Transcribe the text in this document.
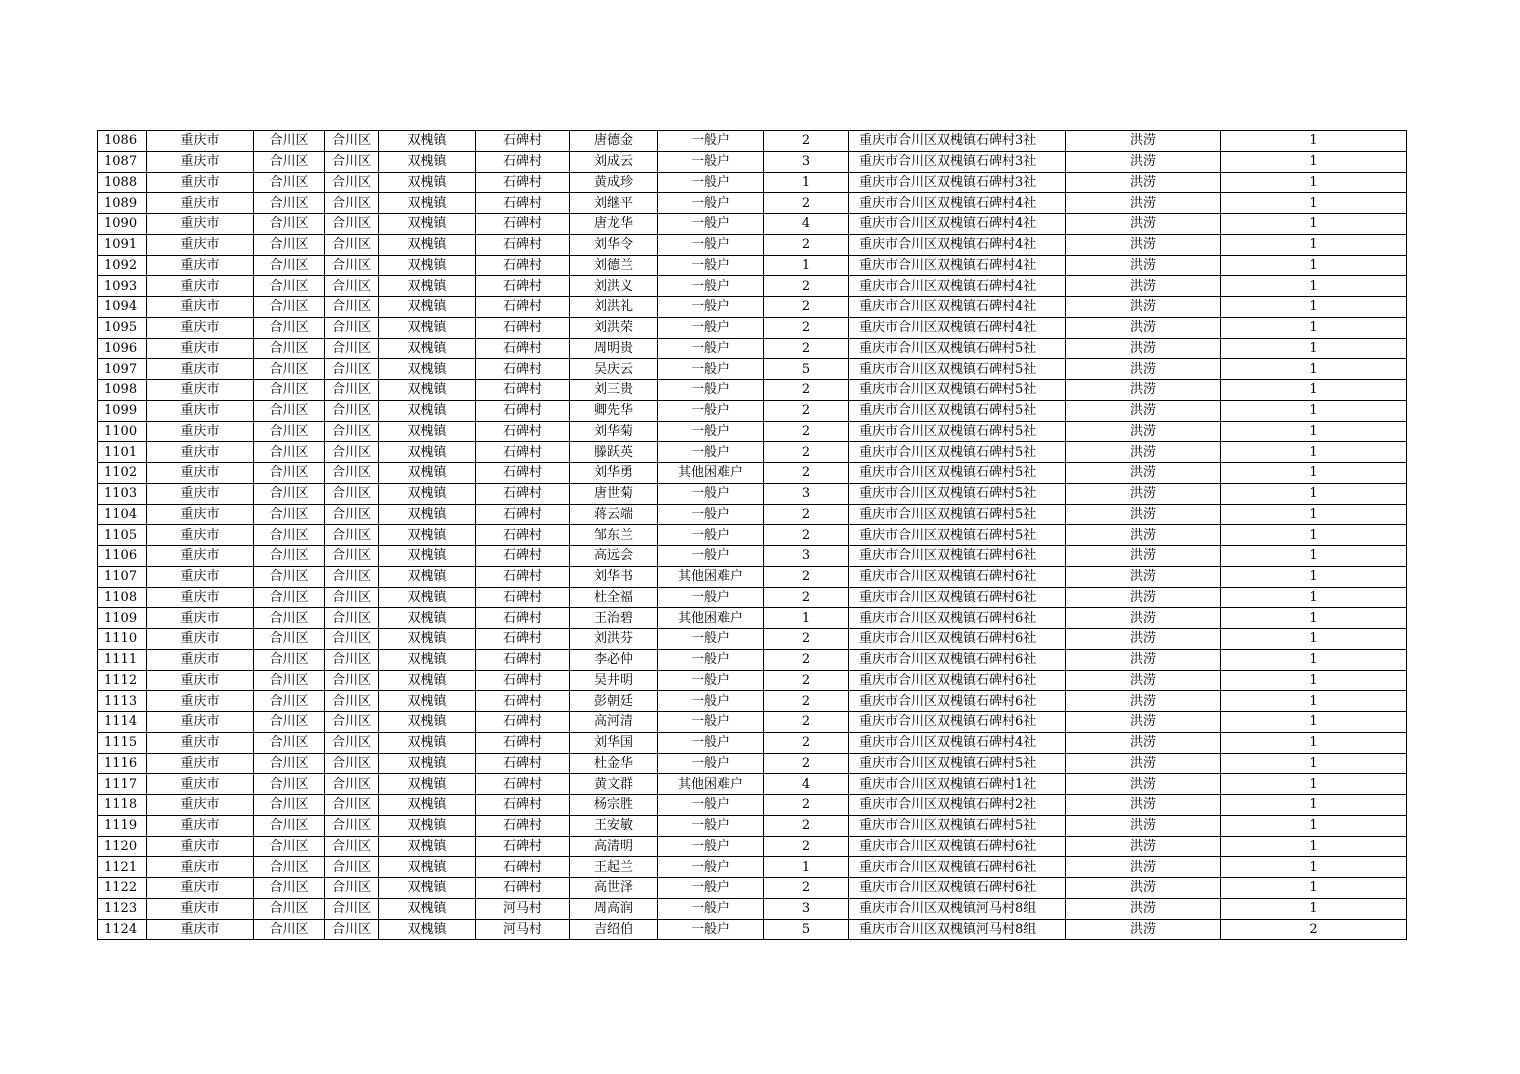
1086	重庆市	合川区	合川区	双槐镇	石碑村	唐德金	一般户	2	重庆市合川区双槐镇石碑村3社	洪涝	1
1087	重庆市	合川区	合川区	双槐镇	石碑村	刘成云	一般户	3	重庆市合川区双槐镇石碑村3社	洪涝	1
1088	重庆市	合川区	合川区	双槐镇	石碑村	黄成珍	一般户	1	重庆市合川区双槐镇石碑村3社	洪涝	1
1089	重庆市	合川区	合川区	双槐镇	石碑村	刘继平	一般户	2	重庆市合川区双槐镇石碑村4社	洪涝	1
1090	重庆市	合川区	合川区	双槐镇	石碑村	唐龙华	一般户	4	重庆市合川区双槐镇石碑村4社	洪涝	1
1091	重庆市	合川区	合川区	双槐镇	石碑村	刘华令	一般户	2	重庆市合川区双槐镇石碑村4社	洪涝	1
1092	重庆市	合川区	合川区	双槐镇	石碑村	刘德兰	一般户	1	重庆市合川区双槐镇石碑村4社	洪涝	1
1093	重庆市	合川区	合川区	双槐镇	石碑村	刘洪义	一般户	2	重庆市合川区双槐镇石碑村4社	洪涝	1
1094	重庆市	合川区	合川区	双槐镇	石碑村	刘洪礼	一般户	2	重庆市合川区双槐镇石碑村4社	洪涝	1
1095	重庆市	合川区	合川区	双槐镇	石碑村	刘洪荣	一般户	2	重庆市合川区双槐镇石碑村4社	洪涝	1
1096	重庆市	合川区	合川区	双槐镇	石碑村	周明贵	一般户	2	重庆市合川区双槐镇石碑村5社	洪涝	1
1097	重庆市	合川区	合川区	双槐镇	石碑村	吴庆云	一般户	5	重庆市合川区双槐镇石碑村5社	洪涝	1
1098	重庆市	合川区	合川区	双槐镇	石碑村	刘三贵	一般户	2	重庆市合川区双槐镇石碑村5社	洪涝	1
1099	重庆市	合川区	合川区	双槐镇	石碑村	卿先华	一般户	2	重庆市合川区双槐镇石碑村5社	洪涝	1
1100	重庆市	合川区	合川区	双槐镇	石碑村	刘华菊	一般户	2	重庆市合川区双槐镇石碑村5社	洪涝	1
1101	重庆市	合川区	合川区	双槐镇	石碑村	滕跃英	一般户	2	重庆市合川区双槐镇石碑村5社	洪涝	1
1102	重庆市	合川区	合川区	双槐镇	石碑村	刘华勇	其他困难户	2	重庆市合川区双槐镇石碑村5社	洪涝	1
1103	重庆市	合川区	合川区	双槐镇	石碑村	唐世菊	一般户	3	重庆市合川区双槐镇石碑村5社	洪涝	1
1104	重庆市	合川区	合川区	双槐镇	石碑村	蒋云端	一般户	2	重庆市合川区双槐镇石碑村5社	洪涝	1
1105	重庆市	合川区	合川区	双槐镇	石碑村	邹东兰	一般户	2	重庆市合川区双槐镇石碑村5社	洪涝	1
1106	重庆市	合川区	合川区	双槐镇	石碑村	高远会	一般户	3	重庆市合川区双槐镇石碑村6社	洪涝	1
1107	重庆市	合川区	合川区	双槐镇	石碑村	刘华书	其他困难户	2	重庆市合川区双槐镇石碑村6社	洪涝	1
1108	重庆市	合川区	合川区	双槐镇	石碑村	杜全福	一般户	2	重庆市合川区双槐镇石碑村6社	洪涝	1
1109	重庆市	合川区	合川区	双槐镇	石碑村	王治碧	其他困难户	1	重庆市合川区双槐镇石碑村6社	洪涝	1
1110	重庆市	合川区	合川区	双槐镇	石碑村	刘洪芬	一般户	2	重庆市合川区双槐镇石碑村6社	洪涝	1
1111	重庆市	合川区	合川区	双槐镇	石碑村	李必仲	一般户	2	重庆市合川区双槐镇石碑村6社	洪涝	1
1112	重庆市	合川区	合川区	双槐镇	石碑村	吴井明	一般户	2	重庆市合川区双槐镇石碑村6社	洪涝	1
1113	重庆市	合川区	合川区	双槐镇	石碑村	彭朝廷	一般户	2	重庆市合川区双槐镇石碑村6社	洪涝	1
1114	重庆市	合川区	合川区	双槐镇	石碑村	高河清	一般户	2	重庆市合川区双槐镇石碑村6社	洪涝	1
1115	重庆市	合川区	合川区	双槐镇	石碑村	刘华国	一般户	2	重庆市合川区双槐镇石碑村4社	洪涝	1
1116	重庆市	合川区	合川区	双槐镇	石碑村	杜金华	一般户	2	重庆市合川区双槐镇石碑村5社	洪涝	1
1117	重庆市	合川区	合川区	双槐镇	石碑村	黄文群	其他困难户	4	重庆市合川区双槐镇石碑村1社	洪涝	1
1118	重庆市	合川区	合川区	双槐镇	石碑村	杨宗胜	一般户	2	重庆市合川区双槐镇石碑村2社	洪涝	1
1119	重庆市	合川区	合川区	双槐镇	石碑村	王安敏	一般户	2	重庆市合川区双槐镇石碑村5社	洪涝	1
1120	重庆市	合川区	合川区	双槐镇	石碑村	高清明	一般户	2	重庆市合川区双槐镇石碑村6社	洪涝	1
1121	重庆市	合川区	合川区	双槐镇	石碑村	王起兰	一般户	1	重庆市合川区双槐镇石碑村6社	洪涝	1
1122	重庆市	合川区	合川区	双槐镇	石碑村	高世泽	一般户	2	重庆市合川区双槐镇石碑村6社	洪涝	1
1123	重庆市	合川区	合川区	双槐镇	河马村	周高润	一般户	3	重庆市合川区双槐镇河马村8组	洪涝	1
1124	重庆市	合川区	合川区	双槐镇	河马村	吉绍伯	一般户	5	重庆市合川区双槐镇河马村8组	洪涝	2
